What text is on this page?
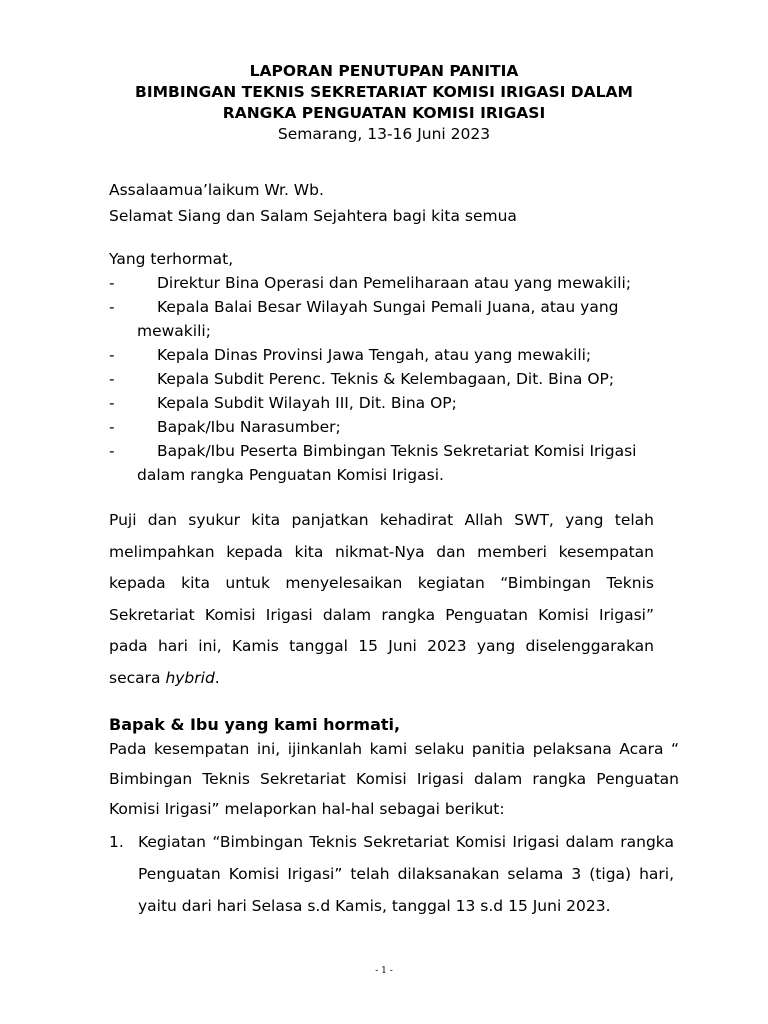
LAPORAN PENUTUPAN PANITIA
BIMBINGAN TEKNIS SEKRETARIAT KOMISI IRIGASI DALAM
RANGKA PENGUATAN KOMISI IRIGASI
Semarang, 13-16 Juni 2023
Assalaamua’laikum Wr. Wb.
Selamat Siang dan Salam Sejahtera bagi kita semua
Yang terhormat,
-	Direktur Bina Operasi dan Pemeliharaan atau yang mewakili;
-	Kepala Balai Besar Wilayah Sungai Pemali Juana, atau yang
mewakili;
-	Kepala Dinas Provinsi Jawa Tengah, atau yang mewakili;
-	Kepala Subdit Perenc. Teknis & Kelembagaan, Dit. Bina OP;
-	Kepala Subdit Wilayah III, Dit. Bina OP;
-	Bapak/Ibu Narasumber;
-	Bapak/Ibu Peserta Bimbingan Teknis Sekretariat Komisi Irigasi
dalam rangka Penguatan Komisi Irigasi.

Puji dan syukur kita panjatkan kehadirat Allah SWT, yang telah melimpahkan kepada kita nikmat-Nya dan memberi kesempatan kepada kita untuk menyelesaikan kegiatan “Bimbingan Teknis Sekretariat Komisi Irigasi dalam rangka Penguatan Komisi Irigasi” pada hari ini, Kamis tanggal 15 Juni 2023 yang diselenggarakan secara hybrid.

Bapak & Ibu yang kami hormati,

Pada kesempatan ini, ijinkanlah kami selaku panitia pelaksana Acara “ Bimbingan Teknis Sekretariat Komisi Irigasi dalam rangka Penguatan Komisi Irigasi” melaporkan hal-hal sebagai berikut:

1. Kegiatan “Bimbingan Teknis Sekretariat Komisi Irigasi dalam rangka Penguatan Komisi Irigasi” telah dilaksanakan selama 3 (tiga) hari, yaitu dari hari Selasa s.d Kamis, tanggal 13 s.d 15 Juni 2023.
- 1 -
